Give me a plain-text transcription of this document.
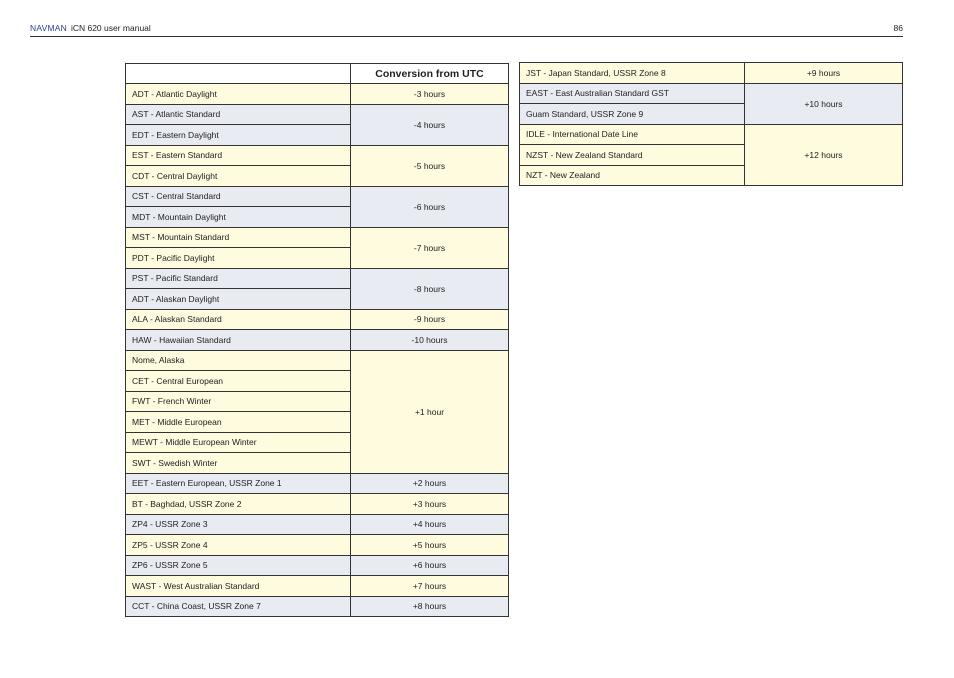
NAVMAN iCN 620 user manual	86
	Conversion from UTC
ADT - Atlantic Daylight	-3 hours
AST - Atlantic Standard	-4 hours
EDT - Eastern Daylight	
EST - Eastern Standard	-5 hours
CDT - Central Daylight	
CST - Central Standard	-6 hours
MDT - Mountain Daylight	
MST - Mountain Standard	-7 hours
PDT - Pacific Daylight	
PST - Pacific Standard	-8 hours
ADT - Alaskan Daylight	
ALA - Alaskan Standard	-9 hours
HAW - Hawaiian Standard	-10 hours
Nome, Alaska	+1 hour
CET - Central European	
FWT - French Winter	
MET - Middle European	
MEWT - Middle European Winter	
SWT - Swedish Winter	
EET - Eastern European, USSR Zone 1	+2 hours
BT - Baghdad, USSR Zone 2	+3 hours
ZP4 - USSR Zone 3	+4 hours
ZP5 - USSR Zone 4	+5 hours
ZP6 - USSR Zone 5	+6 hours
WAST - West Australian Standard	+7 hours
CCT - China Coast, USSR Zone 7	+8 hours
JST - Japan Standard, USSR Zone 8	+9 hours
EAST - East Australian Standard GST	+10 hours
Guam Standard, USSR Zone 9	
IDLE - International Date Line	+12 hours
NZST - New Zealand Standard	
NZT - New Zealand	
